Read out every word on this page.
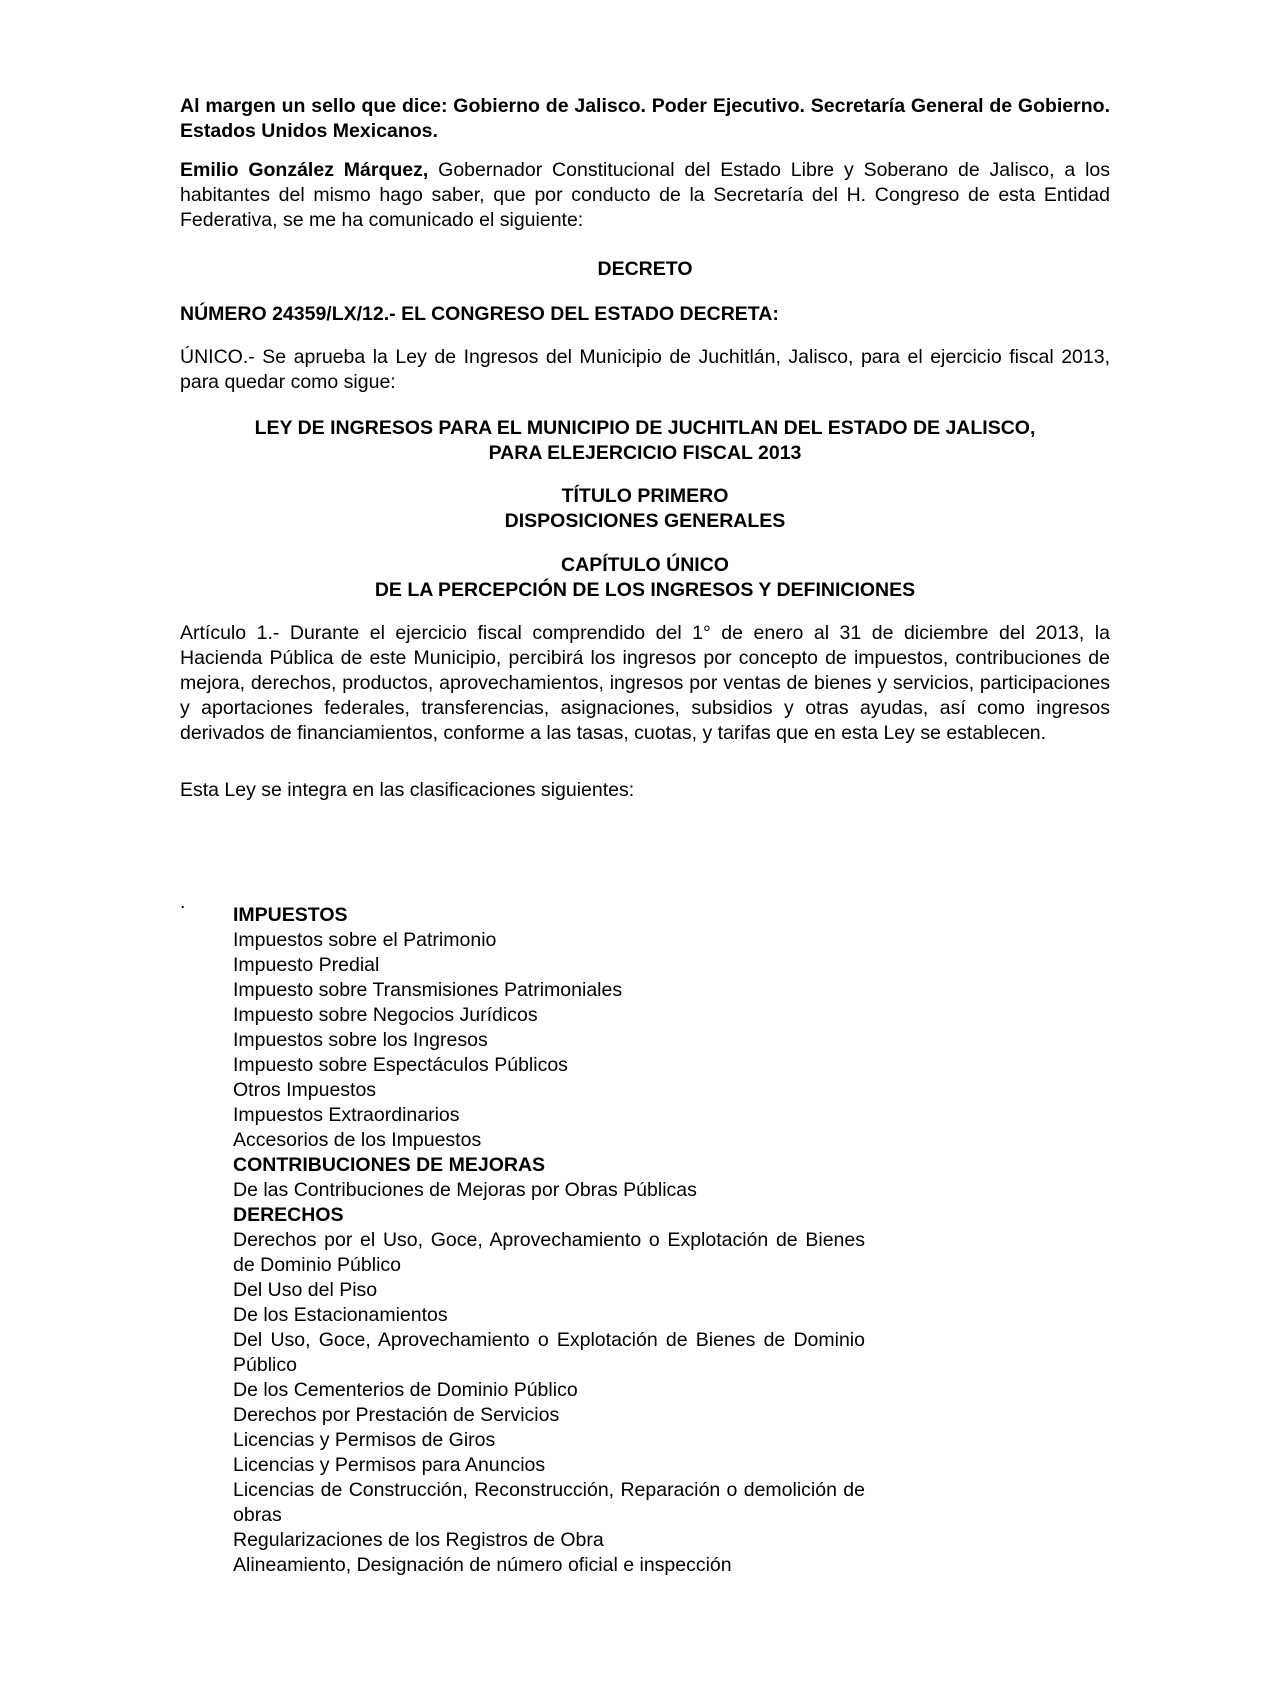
Al margen un sello que dice: Gobierno de Jalisco. Poder Ejecutivo. Secretaría General de Gobierno. Estados Unidos Mexicanos.
Emilio González Márquez, Gobernador Constitucional del Estado Libre y Soberano de Jalisco, a los habitantes del mismo hago saber, que por conducto de la Secretaría del H. Congreso de esta Entidad Federativa, se me ha comunicado el siguiente:
DECRETO
NÚMERO 24359/LX/12.- EL CONGRESO DEL ESTADO DECRETA:
ÚNICO.- Se aprueba la Ley de Ingresos del Municipio de Juchitlán, Jalisco, para el ejercicio fiscal 2013, para quedar como sigue:
LEY DE INGRESOS PARA EL MUNICIPIO DE JUCHITLAN DEL ESTADO DE JALISCO,
PARA ELEJERCICIO FISCAL 2013
TÍTULO PRIMERO
DISPOSICIONES GENERALES
CAPÍTULO ÚNICO
DE LA PERCEPCIÓN DE LOS INGRESOS Y DEFINICIONES
Artículo 1.- Durante el ejercicio fiscal comprendido del 1° de enero al 31 de diciembre del 2013, la Hacienda Pública de este Municipio, percibirá los ingresos por concepto de impuestos, contribuciones de mejora, derechos, productos, aprovechamientos, ingresos por ventas de bienes y servicios, participaciones y aportaciones federales, transferencias, asignaciones, subsidios y otras ayudas, así como ingresos derivados de financiamientos, conforme a las tasas, cuotas, y tarifas que en esta Ley se establecen.
Esta Ley se integra en las clasificaciones siguientes:
.
IMPUESTOS
Impuestos sobre el Patrimonio
Impuesto Predial
Impuesto sobre Transmisiones Patrimoniales
Impuesto sobre Negocios Jurídicos
Impuestos sobre los Ingresos
Impuesto sobre Espectáculos Públicos
Otros Impuestos
Impuestos Extraordinarios
Accesorios de los Impuestos
CONTRIBUCIONES DE MEJORAS
De las Contribuciones de Mejoras por Obras Públicas
DERECHOS
Derechos por el Uso, Goce, Aprovechamiento o Explotación de Bienes de Dominio Público
Del Uso del Piso
De los Estacionamientos
Del Uso, Goce, Aprovechamiento o Explotación de Bienes de Dominio Público
De los Cementerios de Dominio Público
Derechos por Prestación de Servicios
Licencias y Permisos de Giros
Licencias y Permisos para Anuncios
Licencias de Construcción, Reconstrucción, Reparación o demolición de obras
Regularizaciones de los Registros de Obra
Alineamiento, Designación de número oficial e inspección
